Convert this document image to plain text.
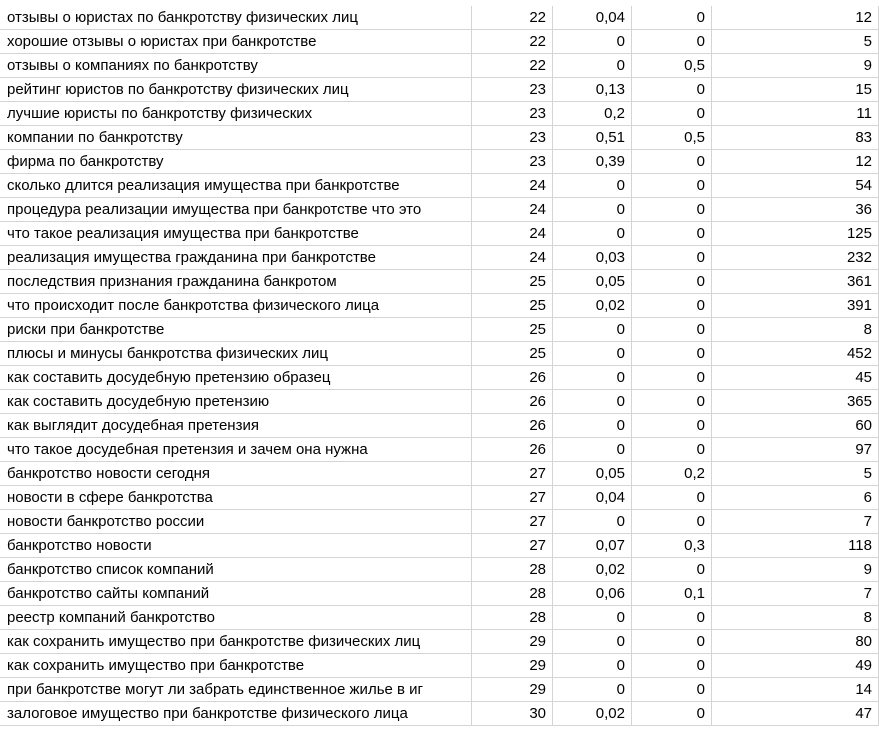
отзывы о юристах по банкротству физических лиц	22	0,04	0	12
хорошие отзывы о юристах при банкротстве	22	0	0	5
отзывы о компаниях по банкротству	22	0	0,5	9
рейтинг юристов по банкротству физических лиц	23	0,13	0	15
лучшие юристы по банкротству физических	23	0,2	0	11
компании по банкротству	23	0,51	0,5	83
фирма по банкротству	23	0,39	0	12
сколько длится реализация имущества при банкротстве	24	0	0	54
процедура реализации имущества при банкротстве что это	24	0	0	36
что такое реализация имущества при банкротстве	24	0	0	125
реализация имущества гражданина при банкротстве	24	0,03	0	232
последствия признания гражданина банкротом	25	0,05	0	361
что происходит после банкротства физического лица	25	0,02	0	391
риски при банкротстве	25	0	0	8
плюсы и минусы банкротства физических лиц	25	0	0	452
как составить досудебную претензию образец	26	0	0	45
как составить досудебную претензию	26	0	0	365
как выглядит досудебная претензия	26	0	0	60
что такое досудебная претензия и зачем она нужна	26	0	0	97
банкротство новости сегодня	27	0,05	0,2	5
новости в сфере банкротства	27	0,04	0	6
новости банкротство россии	27	0	0	7
банкротство новости	27	0,07	0,3	118
банкротство список компаний	28	0,02	0	9
банкротство сайты компаний	28	0,06	0,1	7
реестр компаний банкротство	28	0	0	8
как сохранить имущество при банкротстве физических лиц	29	0	0	80
как сохранить имущество при банкротстве	29	0	0	49
при банкротстве могут ли забрать единственное жилье в иг	29	0	0	14
залоговое имущество при банкротстве физического лица	30	0,02	0	47
